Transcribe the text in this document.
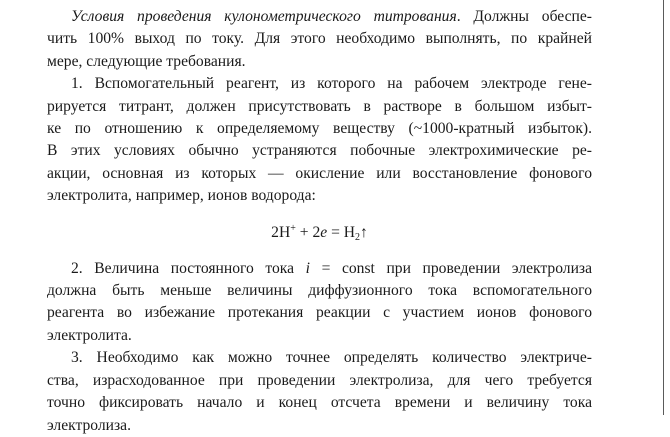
Условия проведения кулонометрического титрования. Должны обеспе-

чить 100% выход по току. Для этого необходимо выполнять, по крайней

мере, следующие требования.

1. Вспомогательный реагент, из которого на рабочем электроде гене-

рируется титрант, должен присутствовать в растворе в большом избыт-

ке по отношению к определяемому веществу (~1000-кратный избыток).

В этих условиях обычно устраняются побочные электрохимические ре-

акции, основная из которых — окисление или восстановление фонового

электролита, например, ионов водорода:

$2H^+ + 2e = H_2↑$

2. Величина постоянного тока i = const при проведении электролиза

должна быть меньше величины диффузионного тока вспомогательного

реагента во избежание протекания реакции с участием ионов фонового

электролита.

3. Необходимо как можно точнее определять количество электриче-

ства, израсходованное при проведении электролиза, для чего требуется

точно фиксировать начало и конец отсчета времени и величину тока

электролиза.
